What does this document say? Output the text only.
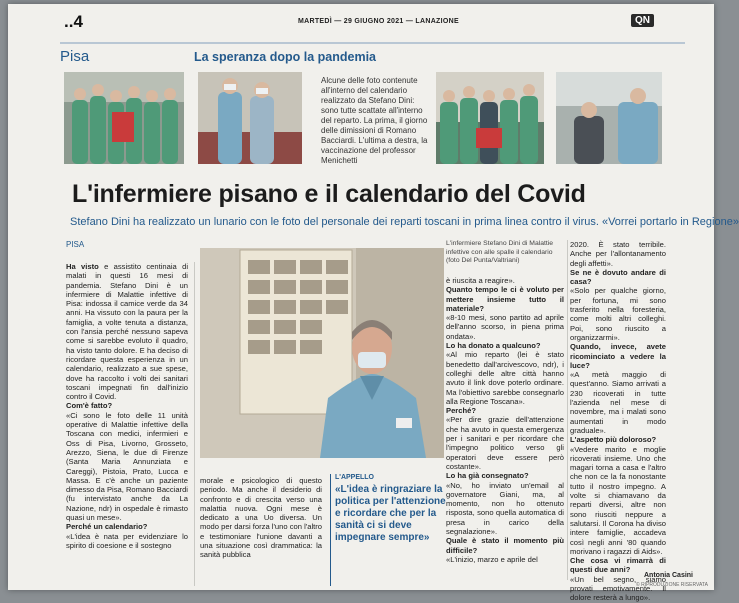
..4	MARTEDÌ — 29 GIUGNO 2021 — LANAZIONE	QN
Pisa	La speranza dopo la pandemia
Alcune delle foto contenute all'interno del calendario realizzato da Stefano Dini: sono tutte scattate all'interno del reparto. La prima, il giorno delle dimissioni di Romano Bacciardi. L'ultima a destra, la vaccinazione del professor Menichetti
L'infermiere pisano e il calendario del Covid
Stefano Dini ha realizzato un lunario con le foto del personale dei reparti toscani in prima linea contro il virus. «Vorrei portarlo in Regione»
PISA
Ha visto e assistito centinaia di malati in questi 16 mesi di pandemia. Stefano Dini è un infermiere di Malattie infettive di Pisa: indossa il camice verde da 34 anni. Ha vissuto con la paura per la famiglia, a volte tenuta a distanza, con l'ansia perché nessuno sapeva come si sarebbe evoluto il quadro, ha visto tanto dolore. E ha deciso di ricordare questa esperienza in un calendario, realizzato a sue spese, dove ha raccolto i volti dei sanitari toscani impegnati fin dall'inizio contro il Covid.
Com'è fatto?
«Ci sono le foto delle 11 unità operative di Malattie infettive della Toscana con medici, infermieri e Oss di Pisa, Livorno, Grosseto, Arezzo, Siena, le due di Firenze (Santa Maria Annunziata e Careggi), Pistoia, Prato, Lucca e Massa. E c'è anche un paziente dimesso da Pisa, Romano Bacciardi (fu intervistato anche da La Nazione, ndr) in ospedale è rimasto quasi un mese».
Perché un calendario?
«L'idea è nata per evidenziare lo spirito di coesione e il sostegno
L'infermiere Stefano Dini di Malattie infettive con alle spalle il calendario (foto Del Punta/Valtriani)
morale e psicologico di questo periodo. Ma anche il desiderio di confronto e di crescita verso una malattia nuova. Ogni mese è dedicato a una Uo diversa. Un modo per darsi forza l'uno con l'altro e testimoniare l'unione davanti a una situazione così drammatica: la sanità pubblica
L'APPELLO
«L'idea è ringraziare la politica per l'attenzione e ricordare che per la sanità ci si deve impegnare sempre»
è riuscita a reagire».
Quanto tempo le ci è voluto per mettere insieme tutto il materiale?
«8-10 mesi, sono partito ad aprile dell'anno scorso, in piena prima ondata».
Lo ha donato a qualcuno?
«Al mio reparto (lei è stato benedetto dall'arcivescovo, ndr), i colleghi delle altre città hanno avuto il link dove poterlo ordinare. Ma l'obiettivo sarebbe consegnarlo alla Regione Toscana».
Perché?
«Per dire grazie dell'attenzione che ha avuto in questa emergenza per i sanitari e per ricordare che l'impegno politico verso gli operatori deve essere però costante».
Lo ha già consegnato?
«No, ho inviato un'email al governatore Giani, ma, al momento, non ho ottenuto risposta, sono quella automatica di presa in carico della segnalazione».
Quale è stato il momento più difficile?
«L'inizio, marzo e aprile del
2020. È stato terribile. Anche per l'allontanamento degli affetti».
Se ne è dovuto andare di casa?
«Solo per qualche giorno, per fortuna, mi sono trasferito nella foresteria, come molti altri colleghi. Poi, sono riuscito a organizzarmi».
Quando, invece, avete ricominciato a vedere la luce?
«A metà maggio di quest'anno. Siamo arrivati a 230 ricoverati in tutte l'azienda nel mese di novembre, ma i malati sono aumentati in modo graduale».
L'aspetto più doloroso?
«Vedere marito e moglie ricoverati insieme. Uno che magari torna a casa e l'altro che non ce la fa nonostante tutto il nostro impegno. A volte si chiamavano da reparti diversi, altre non sono riusciti neppure a salutarsi. Il Corona ha diviso intere famiglie, accadeva così negli anni '80 quando morivano i ragazzi di Aids».
Che cosa vi rimarrà di questi due anni?
«Un bel segno, siamo provati emotivamente. Il dolore resterà a lungo».
Antonia Casini
© RIPRODUZIONE RISERVATA
